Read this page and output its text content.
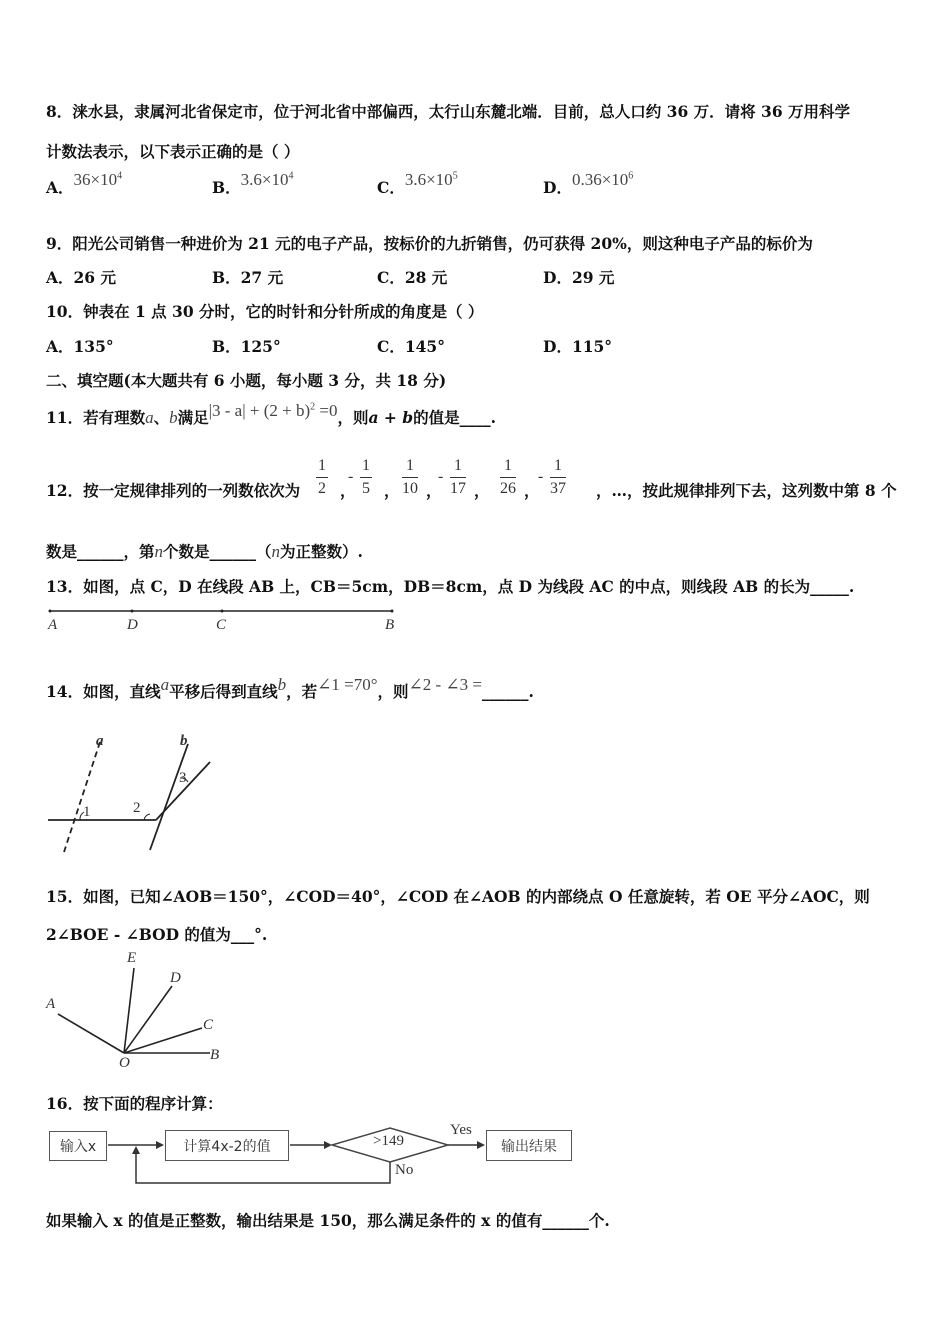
8．涞水县，隶属河北省保定市，位于河北省中部偏西，太行山东麓北端．目前，总人口约 36 万．请将 36 万用科学
计数法表示，以下表示正确的是（ ）
A．$36\times 10^4$
B．$3.6\times 10^4$
C．$3.6\times 10^5$
D．$0.36\times 10^6$
9．阳光公司销售一种进价为 21 元的电子产品，按标价的九折销售，仍可获得 20%，则这种电子产品的标价为
A．26 元	B．27 元	C．28 元	D．29 元
10．钟表在 1 点 30 分时，它的时针和分针所成的角度是（ ）
A．135°	B．125°	C．145°	D．115°
二、填空题(本大题共有 6 小题，每小题 3 分，共 18 分)
11．若有理数a、b满足$|3 - a| + (2 + b)^2 =0$，则a + b的值是____.
12．按一定规律排列的一列数依次为 $\frac{1}{2}$ ，
- $\frac{1}{5}$ ， $\frac{1}{10}$ ，
- $\frac{1}{17}$ ， $\frac{1}{26}$ ，
- $\frac{1}{37}$ ，…，按此规律排列下去，这列数中第 8 个
数是______，第n个数是______（n为正整数）.
13．如图，点 C，D 在线段 AB 上，CB＝5cm，DB＝8cm，点 D 为线段 AC 的中点，则线段 AB 的长为_____.
A	D	C	B
14．如图，直线a平移后得到直线b，若∠1 =70°，则∠2 - ∠3 =______.
a	b
1	2
3
15．如图，已知∠AOB＝150°，∠COD＝40°，∠COD 在∠AOB 的内部绕点 O 任意旋转，若 OE 平分∠AOC，则
2∠BOE - ∠BOD 的值为___°.
E
D
A
C
O	B
16．按下面的程序计算：
输入x	计算4x-2的值	>149
Yes
No
输出结果
如果输入 x 的值是正整数，输出结果是 150，那么满足条件的 x 的值有______个.
